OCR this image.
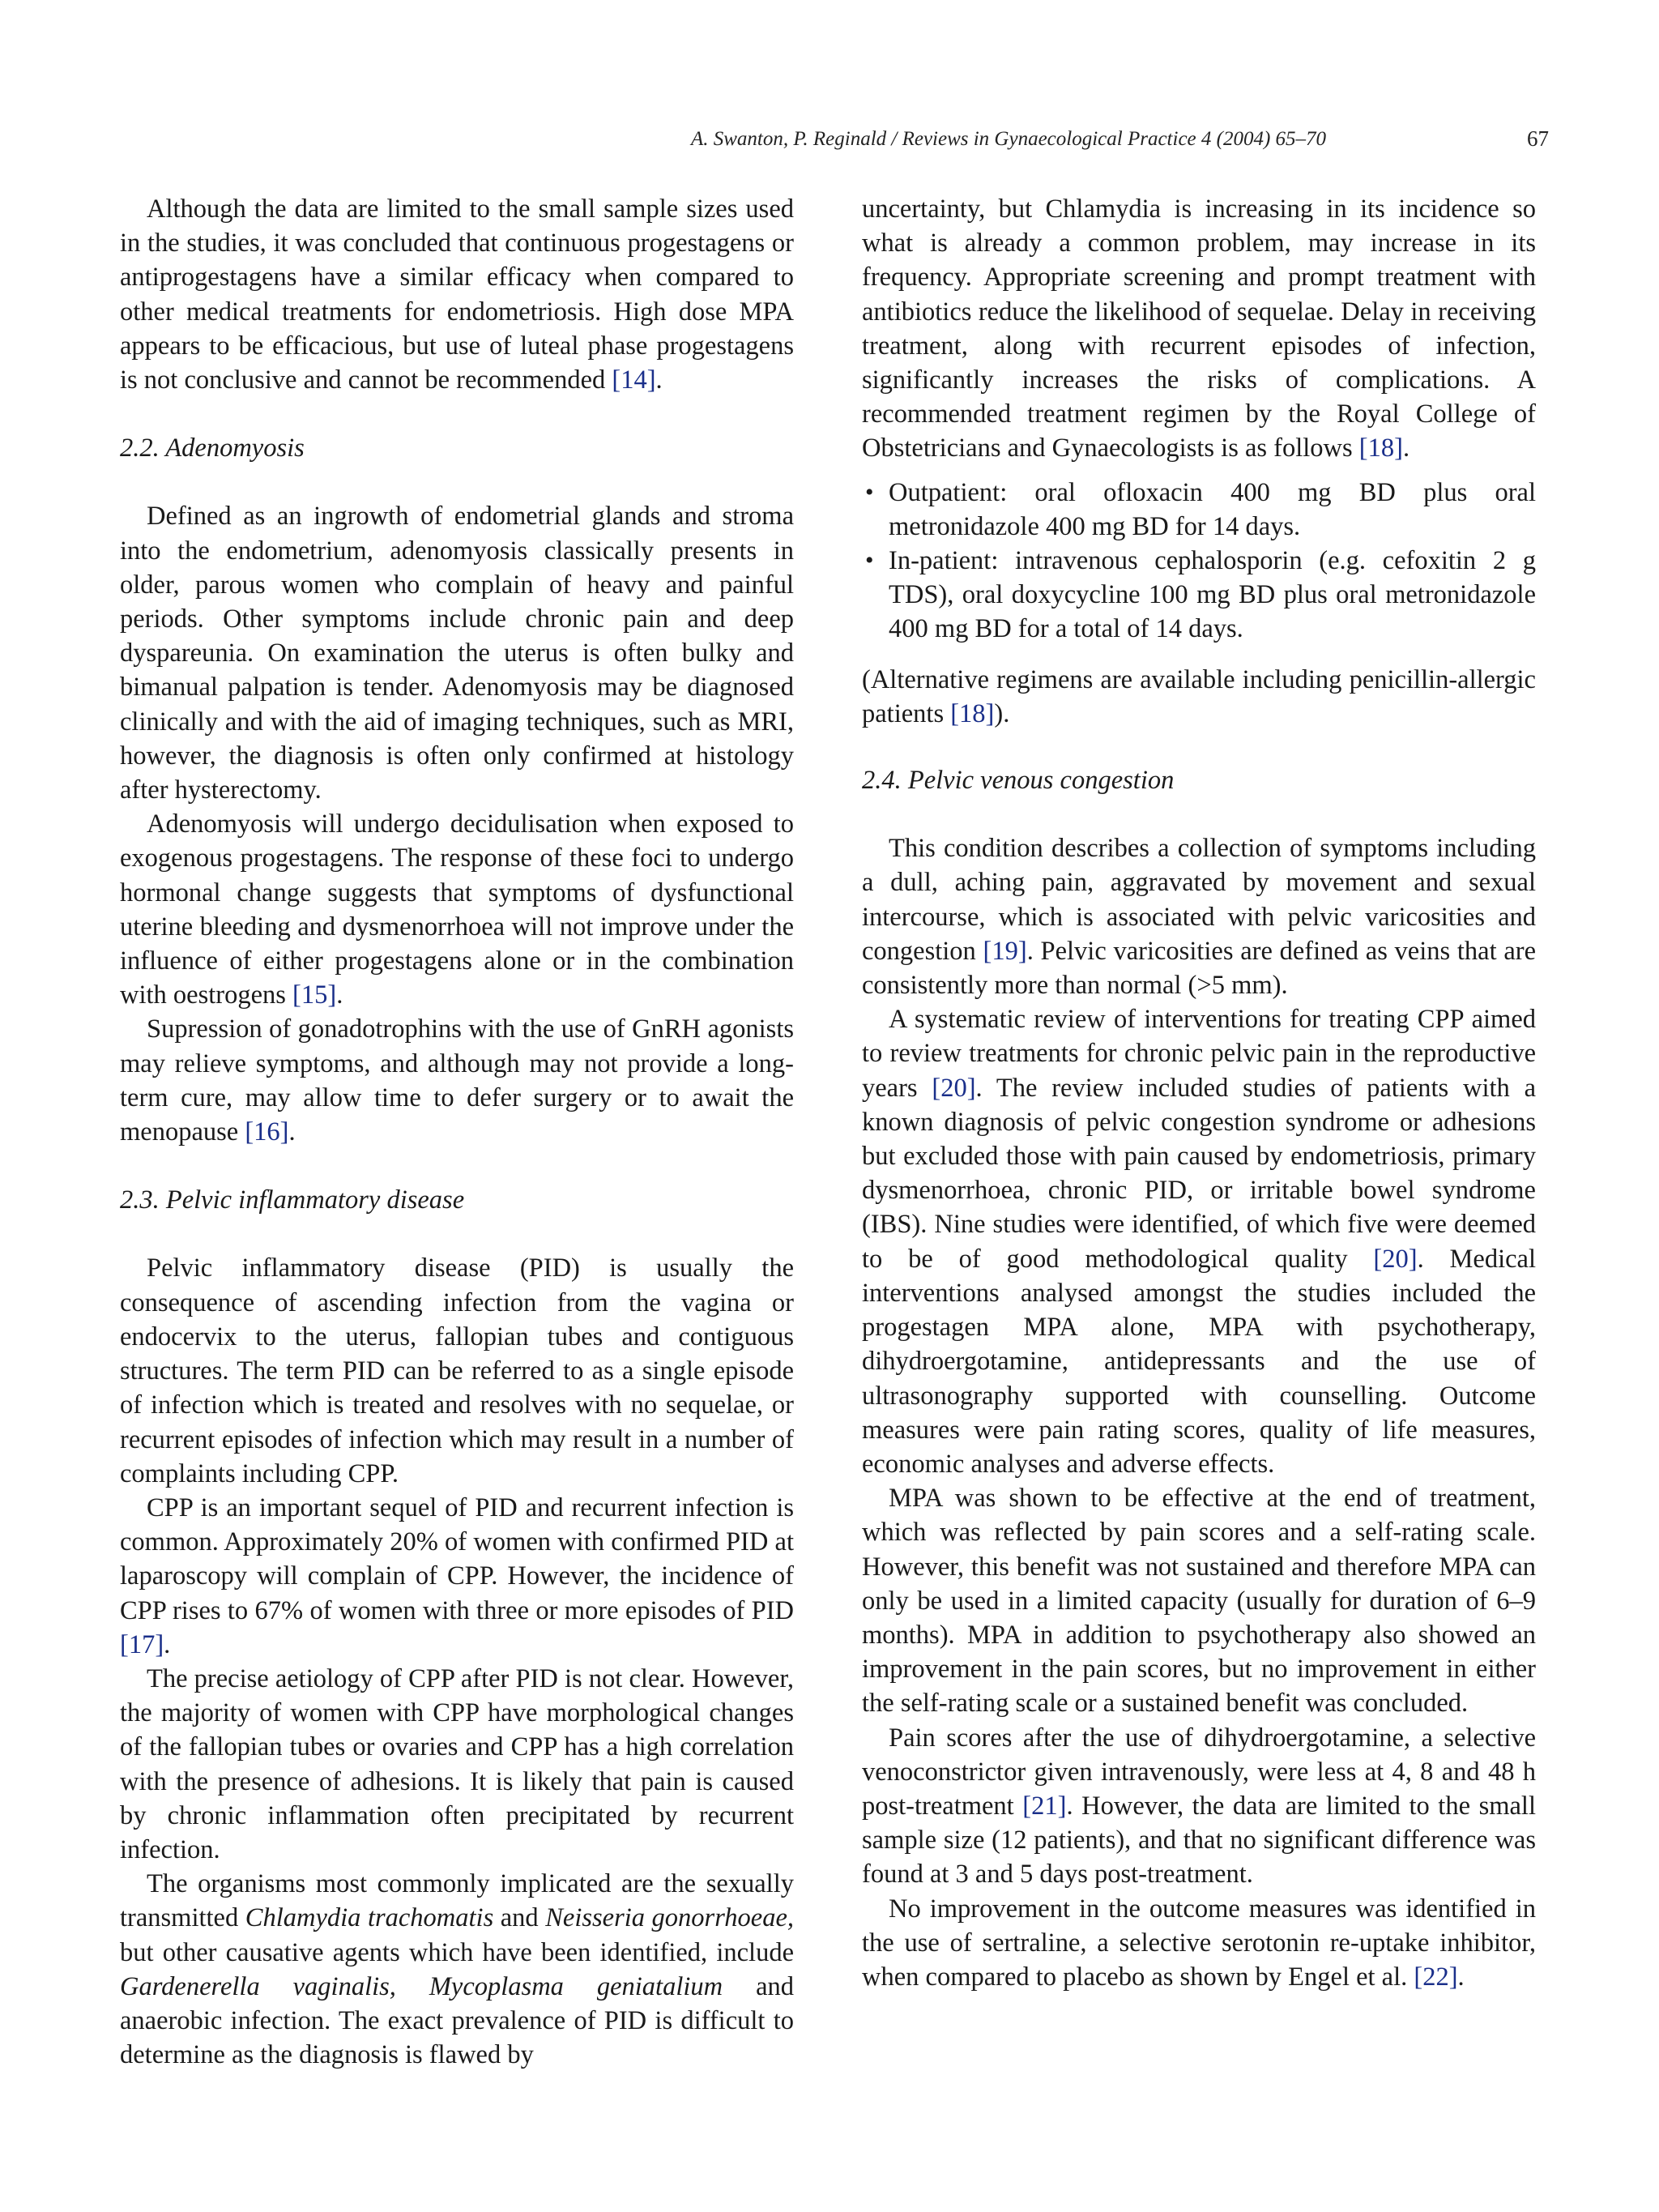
A. Swanton, P. Reginald / Reviews in Gynaecological Practice 4 (2004) 65–70	67

Although the data are limited to the small sample sizes used in the studies, it was concluded that continuous progestagens or antiprogestagens have a similar efficacy when compared to other medical treatments for endometriosis. High dose MPA appears to be efficacious, but use of luteal phase progestagens is not conclusive and cannot be recommended [14].

2.2. Adenomyosis

Defined as an ingrowth of endometrial glands and stroma into the endometrium, adenomyosis classically presents in older, parous women who complain of heavy and painful periods. Other symptoms include chronic pain and deep dyspareunia. On examination the uterus is often bulky and bimanual palpation is tender. Adenomyosis may be diagnosed clinically and with the aid of imaging techniques, such as MRI, however, the diagnosis is often only confirmed at histology after hysterectomy.

Adenomyosis will undergo decidulisation when exposed to exogenous progestagens. The response of these foci to undergo hormonal change suggests that symptoms of dysfunctional uterine bleeding and dysmenorrhoea will not improve under the influence of either progestagens alone or in the combination with oestrogens [15].

Supression of gonadotrophins with the use of GnRH agonists may relieve symptoms, and although may not provide a long-term cure, may allow time to defer surgery or to await the menopause [16].

2.3. Pelvic inflammatory disease

Pelvic inflammatory disease (PID) is usually the consequence of ascending infection from the vagina or endocervix to the uterus, fallopian tubes and contiguous structures. The term PID can be referred to as a single episode of infection which is treated and resolves with no sequelae, or recurrent episodes of infection which may result in a number of complaints including CPP.

CPP is an important sequel of PID and recurrent infection is common. Approximately 20% of women with confirmed PID at laparoscopy will complain of CPP. However, the incidence of CPP rises to 67% of women with three or more episodes of PID [17].

The precise aetiology of CPP after PID is not clear. However, the majority of women with CPP have morphological changes of the fallopian tubes or ovaries and CPP has a high correlation with the presence of adhesions. It is likely that pain is caused by chronic inflammation often precipitated by recurrent infection.

The organisms most commonly implicated are the sexually transmitted Chlamydia trachomatis and Neisseria gonorrhoeae, but other causative agents which have been identified, include Gardenerella vaginalis, Mycoplasma geniatalium and anaerobic infection. The exact prevalence of PID is difficult to determine as the diagnosis is flawed by

uncertainty, but Chlamydia is increasing in its incidence so what is already a common problem, may increase in its frequency. Appropriate screening and prompt treatment with antibiotics reduce the likelihood of sequelae. Delay in receiving treatment, along with recurrent episodes of infection, significantly increases the risks of complications. A recommended treatment regimen by the Royal College of Obstetricians and Gynaecologists is as follows [18].

• Outpatient: oral ofloxacin 400 mg BD plus oral metronidazole 400 mg BD for 14 days.
• In-patient: intravenous cephalosporin (e.g. cefoxitin 2 g TDS), oral doxycycline 100 mg BD plus oral metronidazole 400 mg BD for a total of 14 days.

(Alternative regimens are available including penicillin-allergic patients [18]).

2.4. Pelvic venous congestion

This condition describes a collection of symptoms including a dull, aching pain, aggravated by movement and sexual intercourse, which is associated with pelvic varicosities and congestion [19]. Pelvic varicosities are defined as veins that are consistently more than normal (>5 mm).

A systematic review of interventions for treating CPP aimed to review treatments for chronic pelvic pain in the reproductive years [20]. The review included studies of patients with a known diagnosis of pelvic congestion syndrome or adhesions but excluded those with pain caused by endometriosis, primary dysmenorrhoea, chronic PID, or irritable bowel syndrome (IBS). Nine studies were identified, of which five were deemed to be of good methodological quality [20]. Medical interventions analysed amongst the studies included the progestagen MPA alone, MPA with psychotherapy, dihydroergotamine, antidepressants and the use of ultrasonography supported with counselling. Outcome measures were pain rating scores, quality of life measures, economic analyses and adverse effects.

MPA was shown to be effective at the end of treatment, which was reflected by pain scores and a self-rating scale. However, this benefit was not sustained and therefore MPA can only be used in a limited capacity (usually for duration of 6–9 months). MPA in addition to psychotherapy also showed an improvement in the pain scores, but no improvement in either the self-rating scale or a sustained benefit was concluded.

Pain scores after the use of dihydroergotamine, a selective venoconstrictor given intravenously, were less at 4, 8 and 48 h post-treatment [21]. However, the data are limited to the small sample size (12 patients), and that no significant difference was found at 3 and 5 days post-treatment.

No improvement in the outcome measures was identified in the use of sertraline, a selective serotonin re-uptake inhibitor, when compared to placebo as shown by Engel et al. [22].
